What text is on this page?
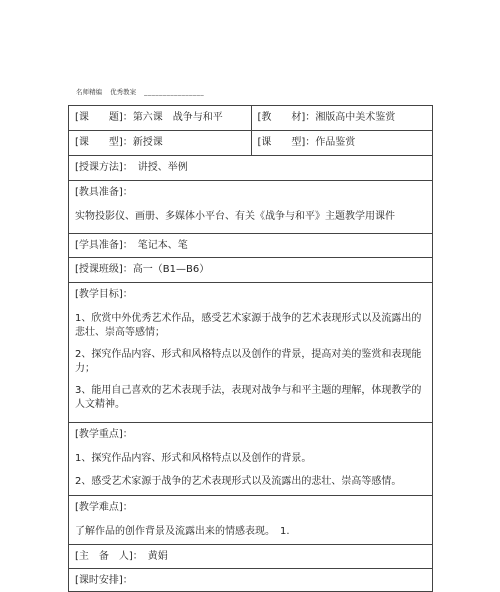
名师精编 优秀教案 ________________
[课　　题]：第六课　战争与和平	[教　　材]：湘版高中美术鉴赏
[课　　型]：新授课	[课　　型]：作品鉴赏
[授课方法]：　讲授、举例
[教具准备]：
实物投影仪、画册、多媒体小平台、有关《战争与和平》主题教学用课件
[学具准备]：　笔记本、笔
[授课班级]：高一（B1—B6）
[教学目标]：

1、欣赏中外优秀艺术作品，感受艺术家源于战争的艺术表现形式以及流露出的悲壮、崇高等感情；

2、探究作品内容、形式和风格特点以及创作的背景，提高对美的鉴赏和表现能力；

3、能用自己喜欢的艺术表现手法，表现对战争与和平主题的理解，体现教学的人文精神。

[教学重点]：

1、探究作品内容、形式和风格特点以及创作的背景。

2、感受艺术家源于战争的艺术表现形式以及流露出的悲壮、崇高等感情。

[教学难点]：
了解作品的创作背景及流露出来的情感表现。　1.
[主　备　人]：　黄娟
[课时安排]：
